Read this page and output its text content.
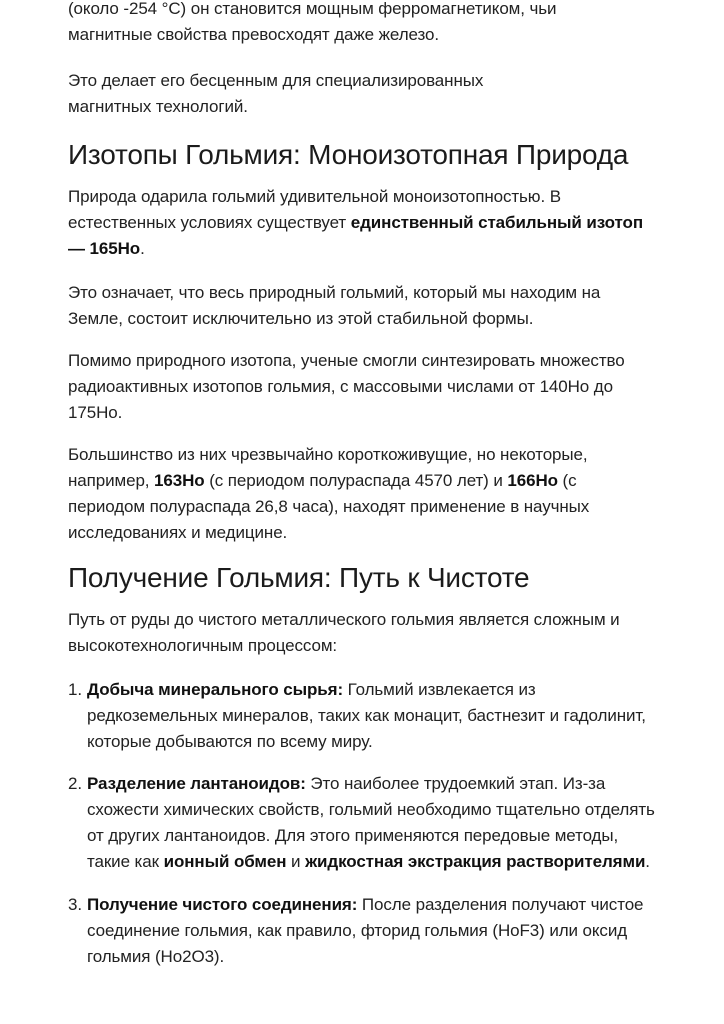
(около -254 °C) он становится мощным ферромагнетиком, чьи
магнитные свойства превосходят даже железо.

Это делает его бесценным для специализированных магнитных технологий.

Изотопы Гольмия: Моноизотопная Природа

Природа одарила гольмий удивительной моноизотопностью. В естественных условиях существует единственный стабильный изотоп — 165Ho.

Это означает, что весь природный гольмий, который мы находим на Земле, состоит исключительно из этой стабильной формы.

Помимо природного изотопа, ученые смогли синтезировать множество радиоактивных изотопов гольмия, с массовыми числами от 140Ho до 175Ho.

Большинство из них чрезвычайно короткоживущие, но некоторые, например, 163Ho (с периодом полураспада 4570 лет) и 166Ho (с периодом полураспада 26,8 часа), находят применение в научных исследованиях и медицине.

Получение Гольмия: Путь к Чистоте

Путь от руды до чистого металлического гольмия является сложным и высокотехнологичным процессом:

1. Добыча минерального сырья: Гольмий извлекается из редкоземельных минералов, таких как монацит, бастнезит и гадолинит, которые добываются по всему миру.
2. Разделение лантаноидов: Это наиболее трудоемкий этап. Из-за схожести химических свойств, гольмий необходимо тщательно отделять от других лантаноидов. Для этого применяются передовые методы, такие как ионный обмен и жидкостная экстракция растворителями.
3. Получение чистого соединения: После разделения получают чистое соединение гольмия, как правило, фторид гольмия (HoF3) или оксид гольмия (Ho2O3).
